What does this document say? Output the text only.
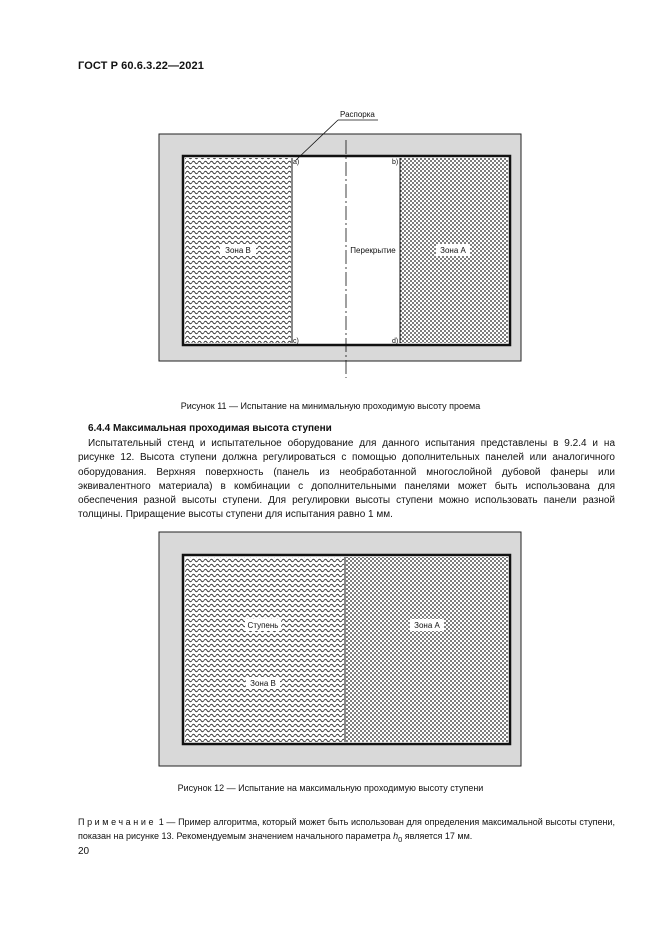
ГОСТ Р 60.6.3.22—2021
Зона B	Перекрытие	Зона A
Распорка
a)	b)
c)	d)
Рисунок 11 — Испытание на минимальную проходимую высоту проема
6.4.4 Максимальная проходимая высота ступени

Испытательный стенд и испытательное оборудование для данного испытания представлены в 9.2.4 и на рисунке 12. Высота ступени должна регулироваться с помощью дополнительных панелей или аналогичного оборудования. Верхняя поверхность (панель из необработанной многослойной дубовой фанеры или эквивалентного материала) в комбинации с дополнительными панелями может быть использована для обеспечения разной высоты ступени. Для регулировки высоты ступени можно использовать панели разной толщины. Приращение высоты ступени для испытания равно 1 мм.

Ступень	Зона A
Зона B
Рисунок 12 — Испытание на максимальную проходимую высоту ступени
Примечание 1 — Пример алгоритма, который может быть использован для определения максимальной высоты ступени, показан на рисунке 13. Рекомендуемым значением начального параметра $h_0$ является 17 мм.
20
